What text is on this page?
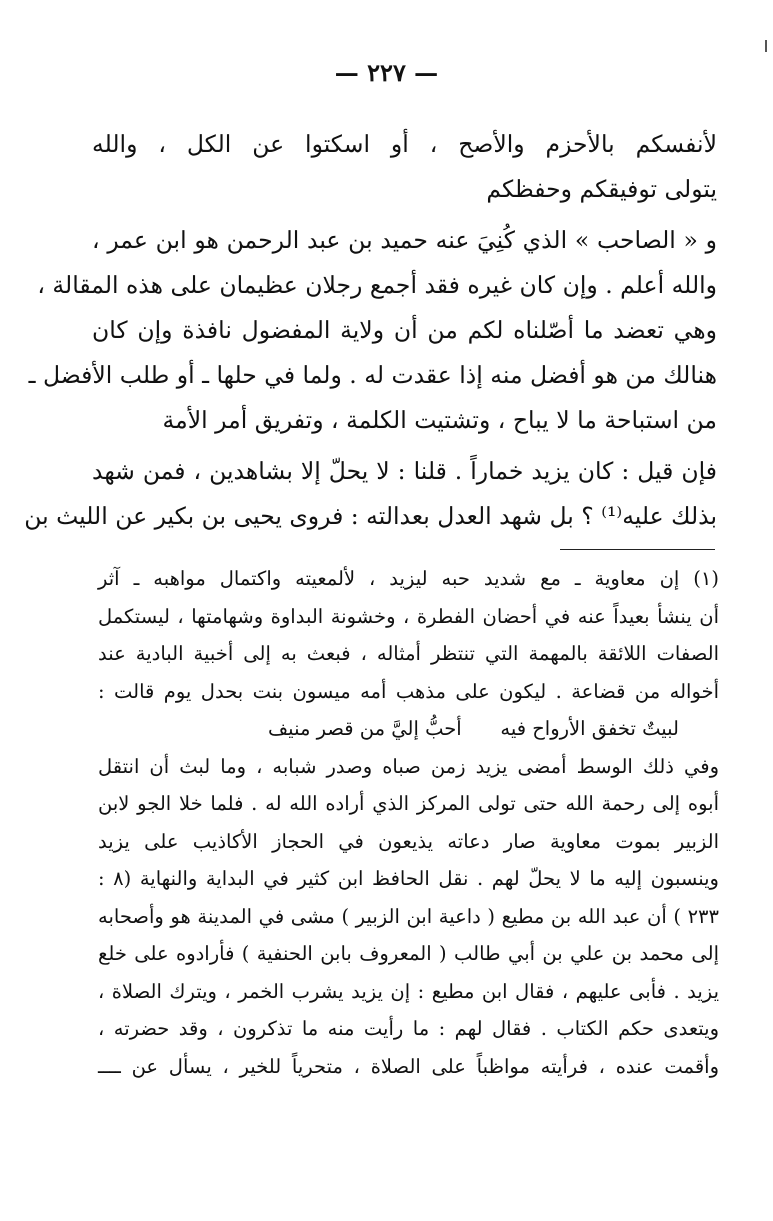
— ٢٢٧ —
لأنفسكم بالأحزم والأصح ، أو اسكتوا عن الكل ، والله
يتولى توفيقكم وحفظكم
و « الصاحب » الذي كُنِيَ عنه حميد بن عبد الرحمن هو ابن عمر ،
والله أعلم . وإن كان غيره فقد أجمع رجلان عظيمان على هذه المقالة ،
وهي تعضد ما أصّلناه لكم من أن ولاية المفضول نافذة وإن كان
هنالك من هو أفضل منه إذا عقدت له . ولما في حلها ـ أو طلب الأفضل ـ
من استباحة ما لا يباح ، وتشتيت الكلمة ، وتفريق أمر الأمة
فإن قيل : كان يزيد خماراً . قلنا : لا يحلّ إلا بشاهدين ، فمن شهد
بذلك عليه⁽¹⁾ ؟ بل شهد العدل بعدالته : فروى يحيى بن بكير عن الليث بن
(١) إن معاوية ـ مع شديد حبه ليزيد ، لألمعيته واكتمال مواهبه ـ آثر
أن ينشأ بعيداً عنه في أحضان الفطرة ، وخشونة البداوة وشهامتها ، ليستكمل
الصفات اللائقة بالمهمة التي تنتظر أمثاله ، فبعث به إلى أخبية البادية عند
أخواله من قضاعة . ليكون على مذهب أمه ميسون بنت بحدل يوم قالت :
لبيتٌ تخفق الأرواح فيه
أحبُّ إليَّ من قصر منيف
وفي ذلك الوسط أمضى يزيد زمن صباه وصدر شبابه ، وما لبث أن انتقل
أبوه إلى رحمة الله حتى تولى المركز الذي أراده الله له . فلما خلا الجو لابن
الزبير بموت معاوية صار دعاته يذيعون في الحجاز الأكاذيب على يزيد
وينسبون إليه ما لا يحلّ لهم . نقل الحافظ ابن كثير في البداية والنهاية (٨ :
٢٣٣ ) أن عبد الله بن مطيع ( داعية ابن الزبير ) مشى في المدينة هو وأصحابه
إلى محمد بن علي بن أبي طالب ( المعروف بابن الحنفية ) فأرادوه على خلع
يزيد . فأبى عليهم ، فقال ابن مطيع : إن يزيد يشرب الخمر ، ويترك الصلاة ،
ويتعدى حكم الكتاب . فقال لهم : ما رأيت منه ما تذكرون ، وقد حضرته ،
وأقمت عنده ، فرأيته مواظباً على الصلاة ، متحرياً للخير ، يسأل عن ــــ
